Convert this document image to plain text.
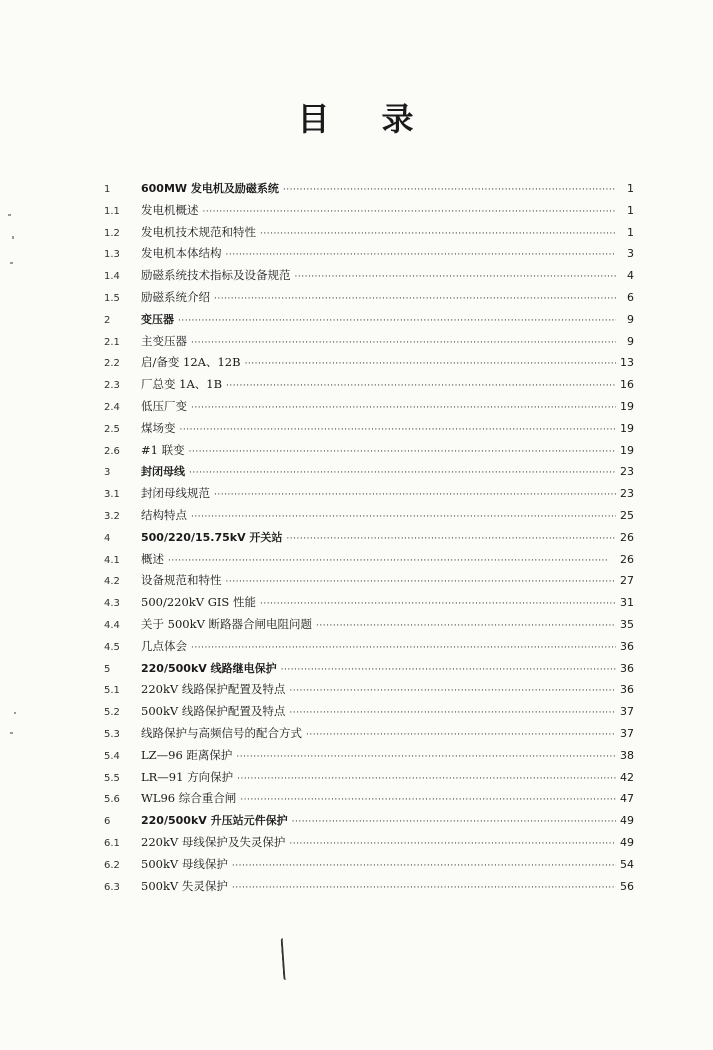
目 录
1	600MW 发电机及励磁系统 ·····	1
1.1	发电机概述 ·····	1
1.2	发电机技术规范和特性 ·····	1
1.3	发电机本体结构 ·····	3
1.4	励磁系统技术指标及设备规范 ·····	4
1.5	励磁系统介绍 ·····	6
2	变压器 ·····	9
2.1	主变压器 ·····	9
2.2	启/备变 12A、12B ·····	13
2.3	厂总变 1A、1B ·····	16
2.4	低压厂变 ·····	19
2.5	煤场变 ·····	19
2.6	#1 联变 ·····	19
3	封闭母线 ·····	23
3.1	封闭母线规范 ·····	23
3.2	结构特点 ·····	25
4	500/220/15.75kV 开关站 ·····	26
4.1	概述 ·····	26
4.2	设备规范和特性 ·····	27
4.3	500/220kV GIS 性能 ·····	31
4.4	关于 500kV 断路器合闸电阻问题 ·····	35
4.5	几点体会 ·····	36
5	220/500kV 线路继电保护 ·····	36
5.1	220kV 线路保护配置及特点 ·····	36
5.2	500kV 线路保护配置及特点 ·····	37
5.3	线路保护与高频信号的配合方式 ·····	37
5.4	LZ—96 距离保护 ·····	38
5.5	LR—91 方向保护 ·····	42
5.6	WL96 综合重合闸 ·····	47
6	220/500kV 升压站元件保护 ·····	49
6.1	220kV 母线保护及失灵保护 ·····	49
6.2	500kV 母线保护 ·····	54
6.3	500kV 失灵保护 ·····	56
